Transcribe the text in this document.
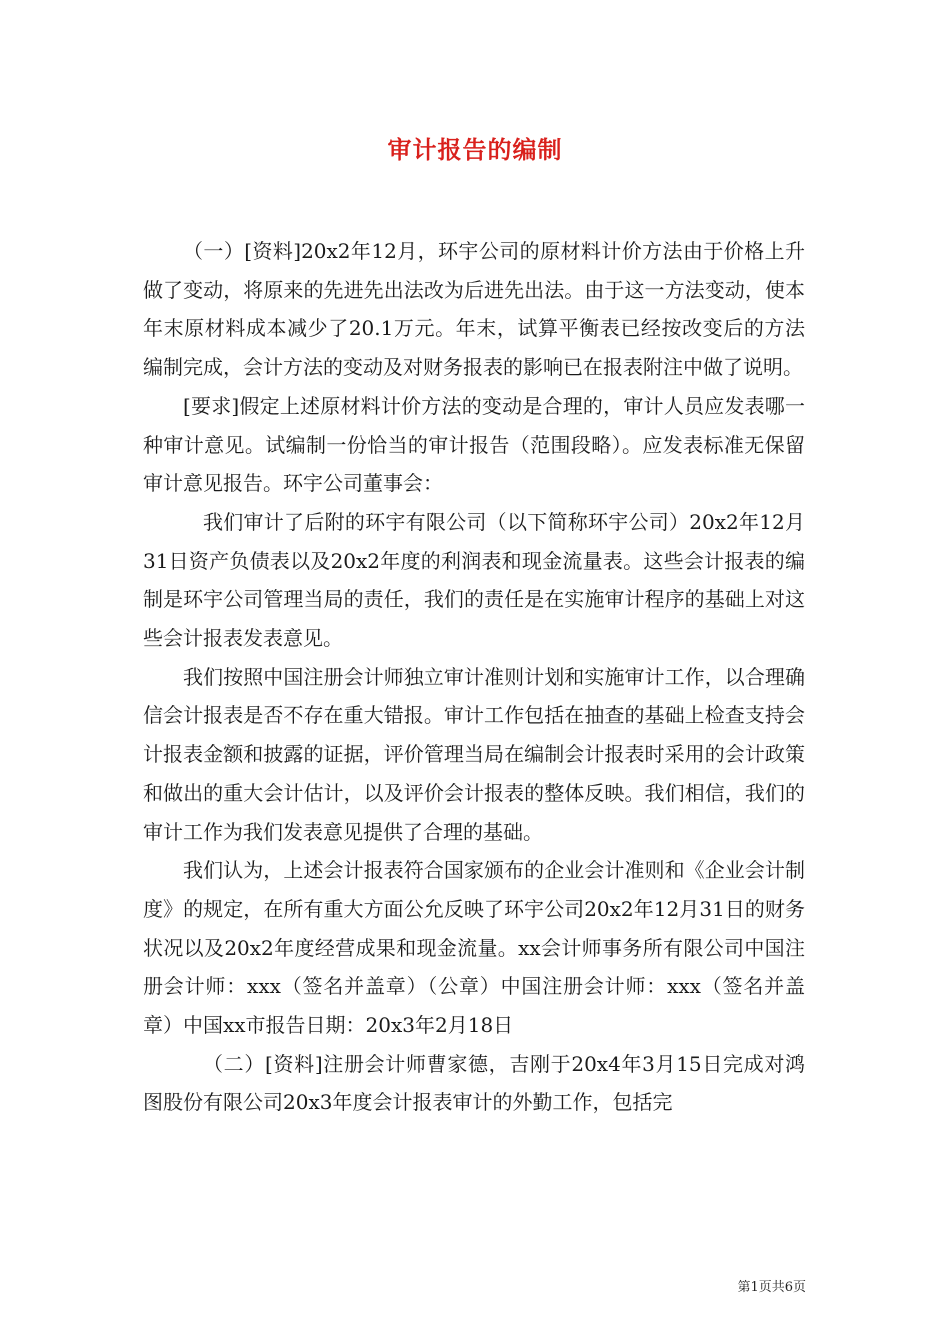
审计报告的编制

（一）[资料]20x2年12月，环宇公司的原材料计价方法由于价格上升做了变动，将原来的先进先出法改为后进先出法。由于这一方法变动，使本年末原材料成本减少了20.1万元。年末，试算平衡表已经按改变后的方法编制完成，会计方法的变动及对财务报表的影响已在报表附注中做了说明。

[要求]假定上述原材料计价方法的变动是合理的，审计人员应发表哪一种审计意见。试编制一份恰当的审计报告（范围段略）。应发表标准无保留审计意见报告。环宇公司董事会：

我们审计了后附的环宇有限公司（以下简称环宇公司）20x2年12月31日资产负债表以及20x2年度的利润表和现金流量表。这些会计报表的编制是环宇公司管理当局的责任，我们的责任是在实施审计程序的基础上对这些会计报表发表意见。

我们按照中国注册会计师独立审计准则计划和实施审计工作，以合理确信会计报表是否不存在重大错报。审计工作包括在抽查的基础上检查支持会计报表金额和披露的证据，评价管理当局在编制会计报表时采用的会计政策和做出的重大会计估计，以及评价会计报表的整体反映。我们相信，我们的审计工作为我们发表意见提供了合理的基础。

我们认为，上述会计报表符合国家颁布的企业会计准则和《企业会计制度》的规定，在所有重大方面公允反映了环宇公司20x2年12月31日的财务状况以及20x2年度经营成果和现金流量。xx会计师事务所有限公司中国注册会计师：xxx（签名并盖章）（公章）中国注册会计师：xxx（签名并盖章）中国xx市报告日期：20x3年2月18日

（二）[资料]注册会计师曹家德，吉刚于20x4年3月15日完成对鸿图股份有限公司20x3年度会计报表审计的外勤工作，包括完

第1页共6页
